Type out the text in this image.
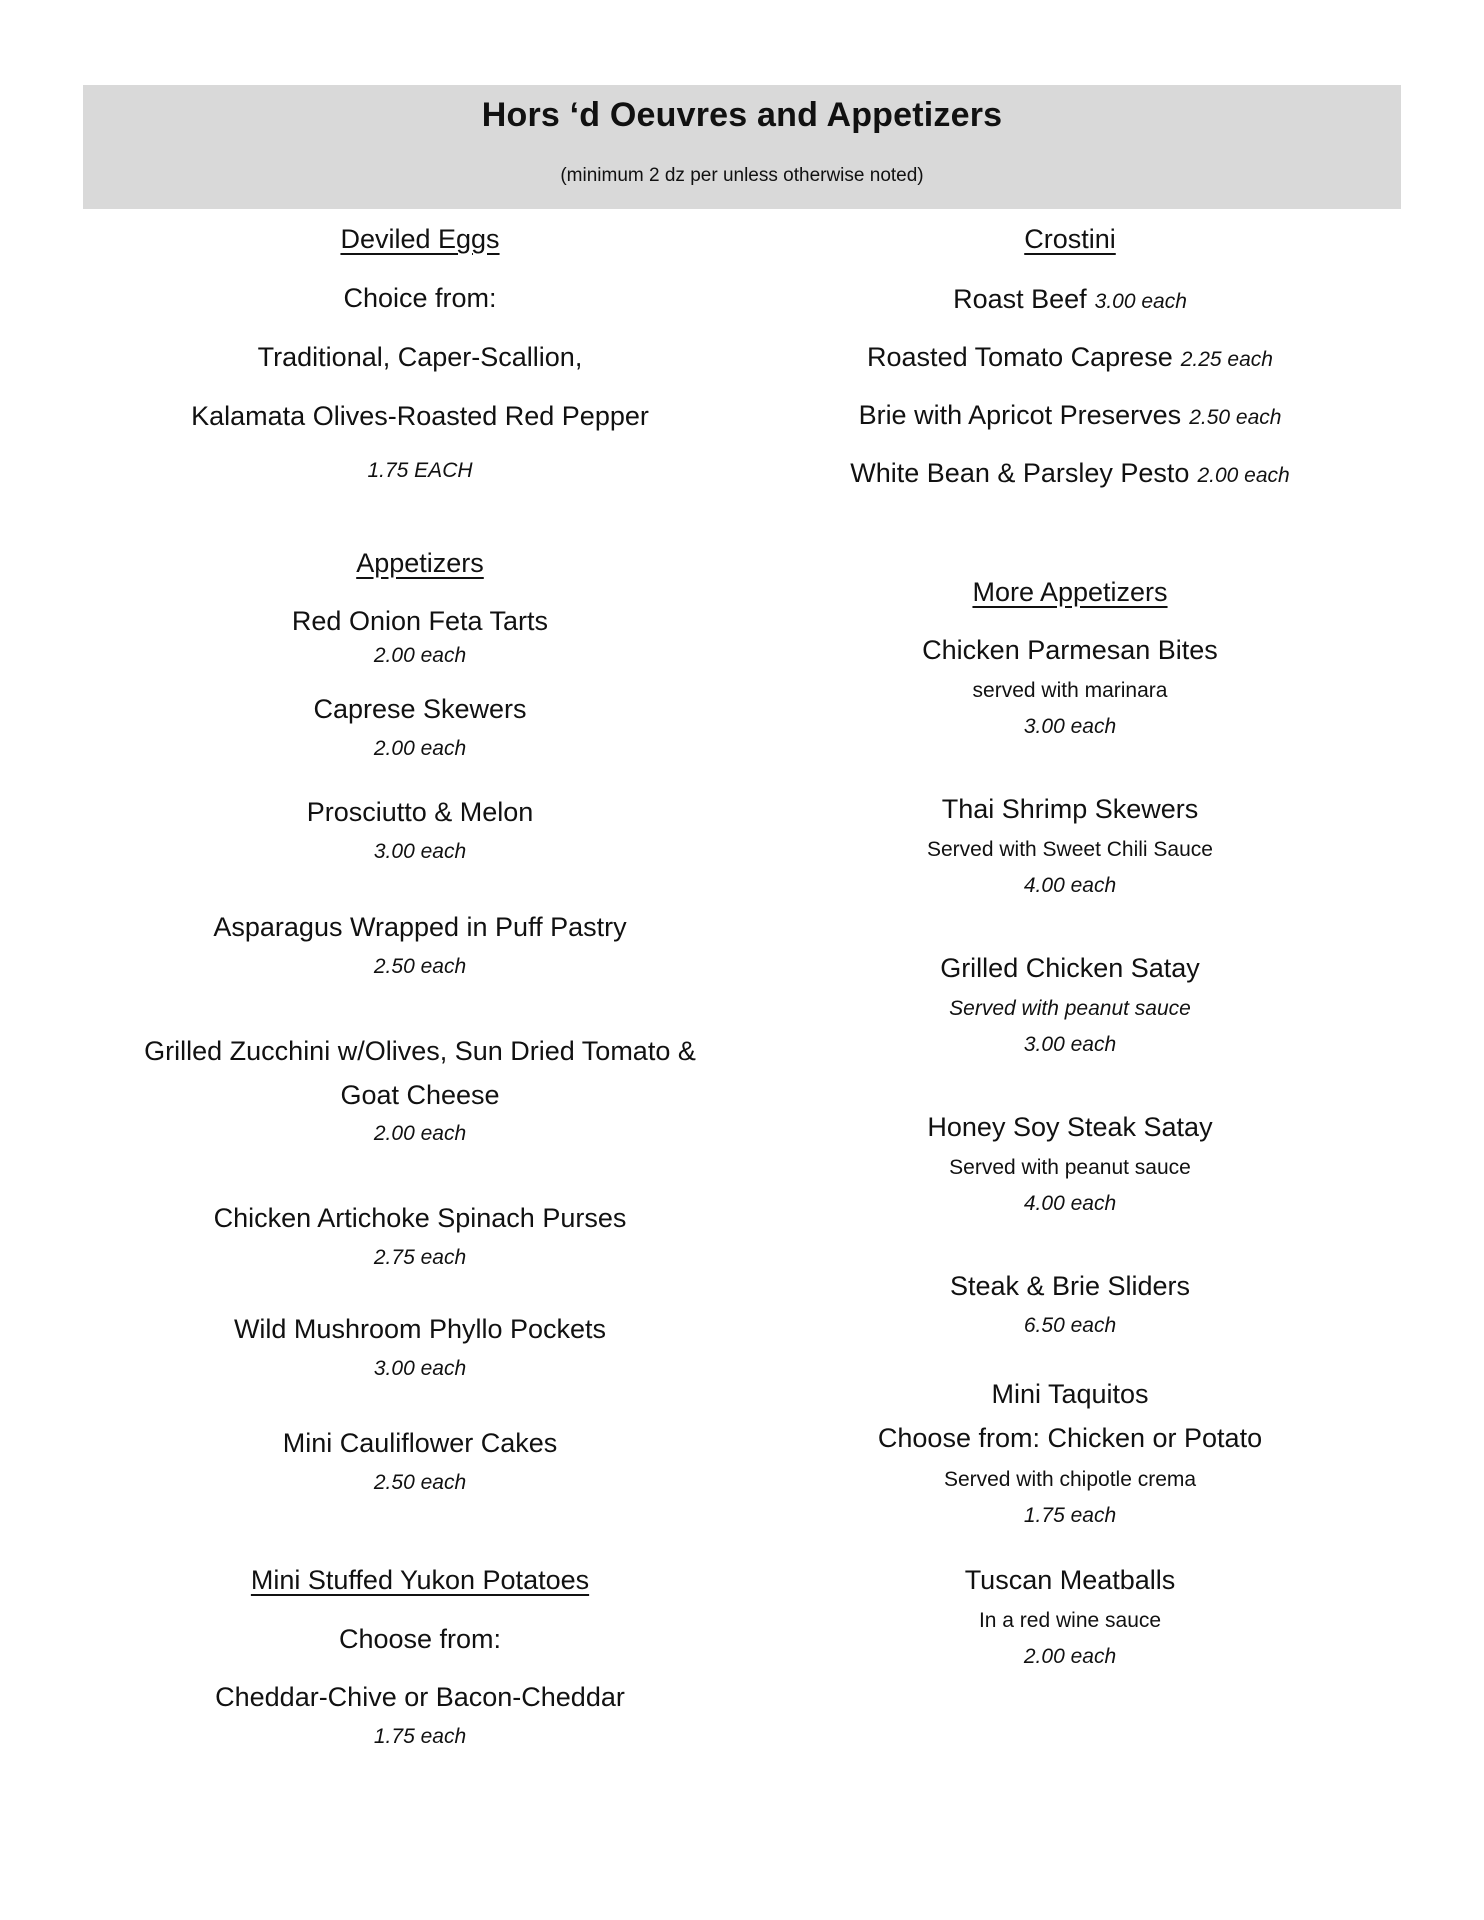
Hors ‘d Oeuvres and Appetizers
(minimum 2 dz per unless otherwise noted)
Deviled Eggs
Choice from:
Traditional, Caper-Scallion,
Kalamata Olives-Roasted Red Pepper
1.75 EACH
Appetizers
Red Onion Feta Tarts
2.00 each
Caprese Skewers
2.00 each
Prosciutto & Melon
3.00 each
Asparagus Wrapped in Puff Pastry
2.50 each
Grilled Zucchini w/Olives, Sun Dried Tomato &
Goat Cheese
2.00 each
Chicken Artichoke Spinach Purses
2.75 each
Wild Mushroom Phyllo Pockets
3.00 each
Mini Cauliflower Cakes
2.50 each
Mini Stuffed Yukon Potatoes
Choose from:
Cheddar-Chive or Bacon-Cheddar
1.75 each
Crostini
Roast Beef 3.00 each
Roasted Tomato Caprese 2.25 each
Brie with Apricot Preserves 2.50 each
White Bean & Parsley Pesto 2.00 each
More Appetizers
Chicken Parmesan Bites
served with marinara
3.00 each
Thai Shrimp Skewers
Served with Sweet Chili Sauce
4.00 each
Grilled Chicken Satay
Served with peanut sauce
3.00 each
Honey Soy Steak Satay
Served with peanut sauce
4.00 each
Steak & Brie Sliders
6.50 each
Mini Taquitos
Choose from: Chicken or Potato
Served with chipotle crema
1.75 each
Tuscan Meatballs
In a red wine sauce
2.00 each
